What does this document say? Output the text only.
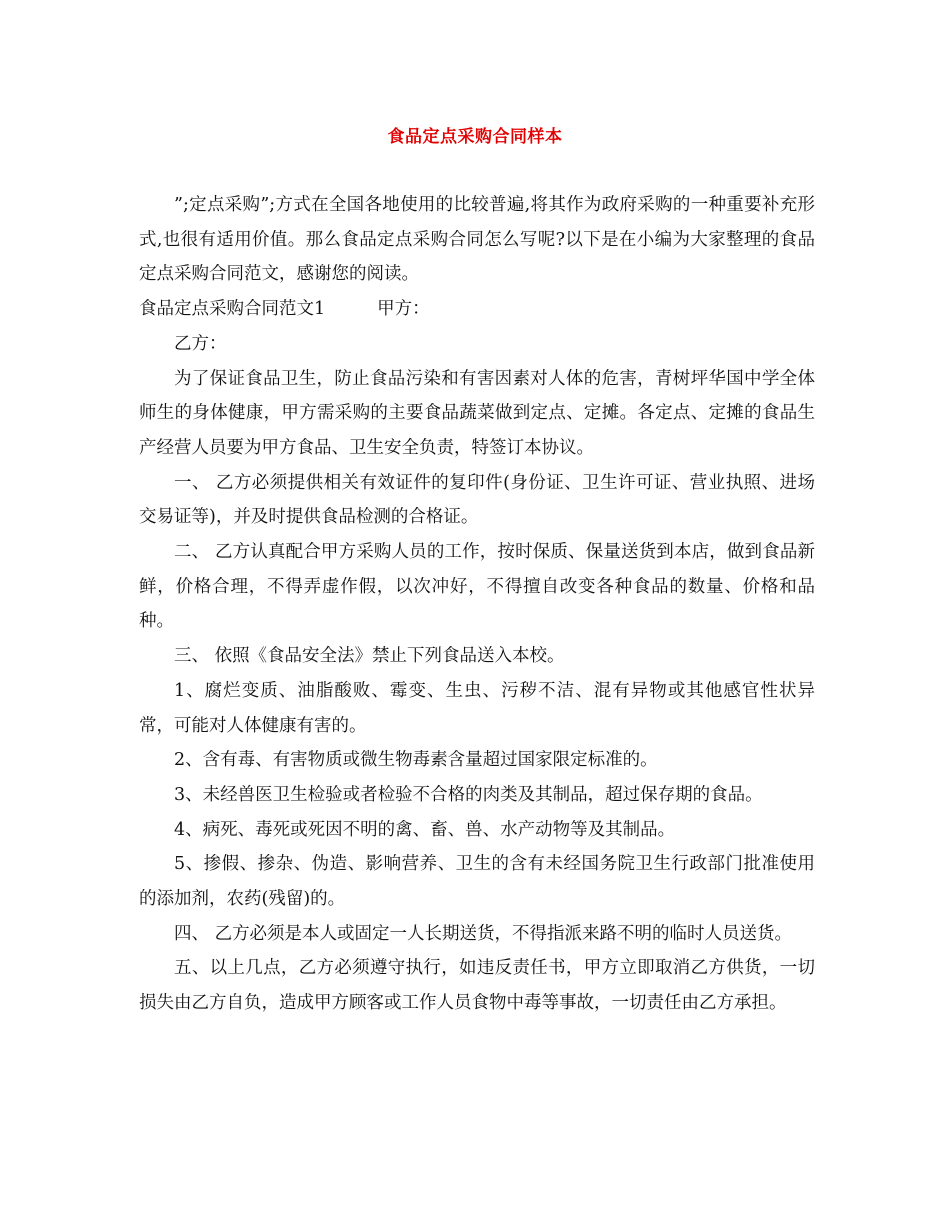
食品定点采购合同样本

”;定点采购”;方式在全国各地使用的比较普遍,将其作为政府采购的一种重要补充形式,也很有适用价值。那么食品定点采购合同怎么写呢?以下是在小编为大家整理的食品定点采购合同范文，感谢您的阅读。

食品定点采购合同范文1	甲方：

乙方：

为了保证食品卫生，防止食品污染和有害因素对人体的危害，青树坪华国中学全体师生的身体健康，甲方需采购的主要食品蔬菜做到定点、定摊。各定点、定摊的食品生产经营人员要为甲方食品、卫生安全负责，特签订本协议。

一、 乙方必须提供相关有效证件的复印件(身份证、卫生许可证、营业执照、进场交易证等)，并及时提供食品检测的合格证。

二、 乙方认真配合甲方采购人员的工作，按时保质、保量送货到本店，做到食品新鲜，价格合理，不得弄虚作假，以次冲好，不得擅自改变各种食品的数量、价格和品种。

三、 依照《食品安全法》禁止下列食品送入本校。

1、腐烂变质、油脂酸败、霉变、生虫、污秽不洁、混有异物或其他感官性状异常，可能对人体健康有害的。

2、含有毒、有害物质或微生物毒素含量超过国家限定标准的。

3、未经兽医卫生检验或者检验不合格的肉类及其制品，超过保存期的食品。

4、病死、毒死或死因不明的禽、畜、兽、水产动物等及其制品。

5、掺假、掺杂、伪造、影响营养、卫生的含有未经国务院卫生行政部门批准使用的添加剂，农药(残留)的。

四、 乙方必须是本人或固定一人长期送货，不得指派来路不明的临时人员送货。

五、以上几点，乙方必须遵守执行，如违反责任书，甲方立即取消乙方供货，一切损失由乙方自负，造成甲方顾客或工作人员食物中毒等事故，一切责任由乙方承担。
